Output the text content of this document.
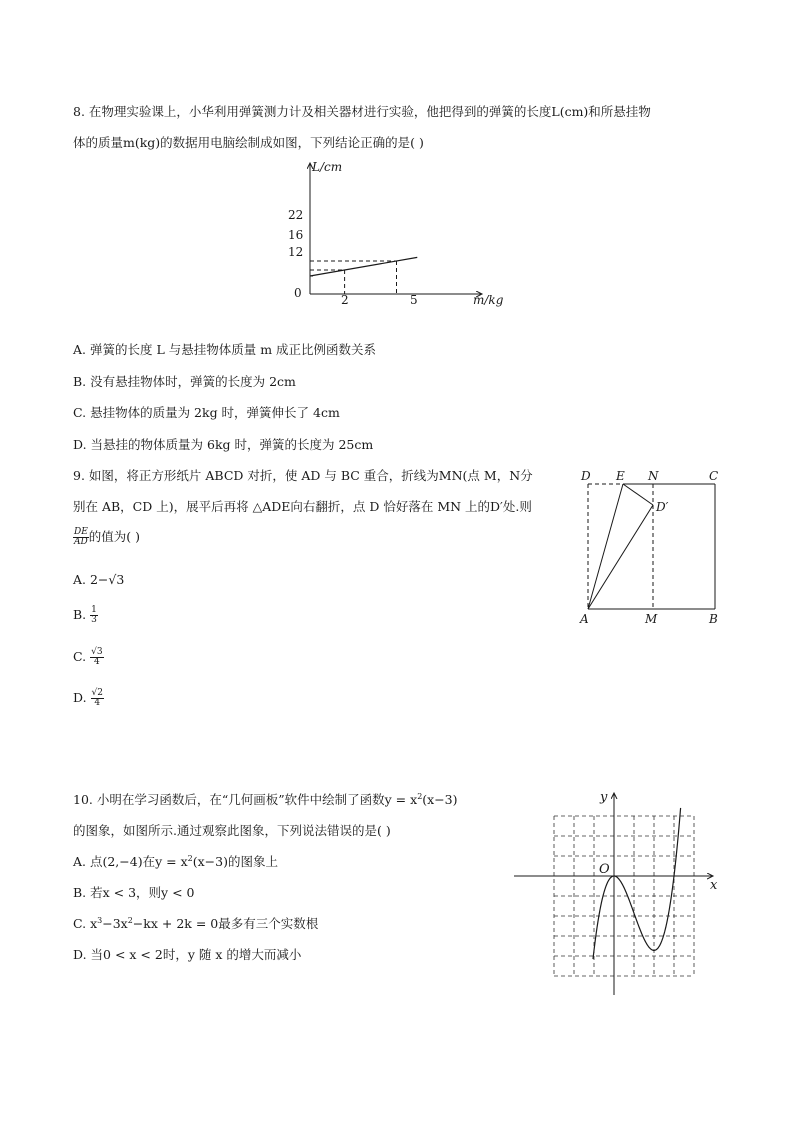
8. 在物理实验课上，小华利用弹簧测力计及相关器材进行实验，他把得到的弹簧的长度L(cm)和所悬挂物
体的质量m(kg)的数据用电脑绘制成如图，下列结论正确的是( )
L/cm
m/kg
0
22
16
12
2	5
A. 弹簧的长度 L 与悬挂物体质量 m 成正比例函数关系
B. 没有悬挂物体时，弹簧的长度为 2cm
C. 悬挂物体的质量为 2kg 时，弹簧伸长了 4cm
D. 当悬挂的物体质量为 6kg 时，弹簧的长度为 25cm
9. 如图，将正方形纸片 ABCD 对折，使 AD 与 BC 重合，折线为MN(点 M，N分
别在 AB，CD 上)，展平后再将 △ADE向右翻折，点 D 恰好落在 MN 上的D′处.则
$\frac{DE}{AD}$ 的值为( )
A. 2−√3
B. $\frac{1}{3}$
C. $\frac{√3}{4}$
D. $\frac{√2}{4}$
D E N	C
D′
A	M	B
10. 小明在学习函数后，在“几何画板”软件中绘制了函数$y = x^2(x-3)$
的图象，如图所示.通过观察此图象，下列说法错误的是( )
A. 点(2,−4)在$y = x^2(x-3)$的图象上
B. 若x < 3，则y < 0
C. $x^3-3x^2-kx + 2k = 0$最多有三个实数根
D. 当0 < x < 2时，y 随 x 的增大而减小
x
y
O
